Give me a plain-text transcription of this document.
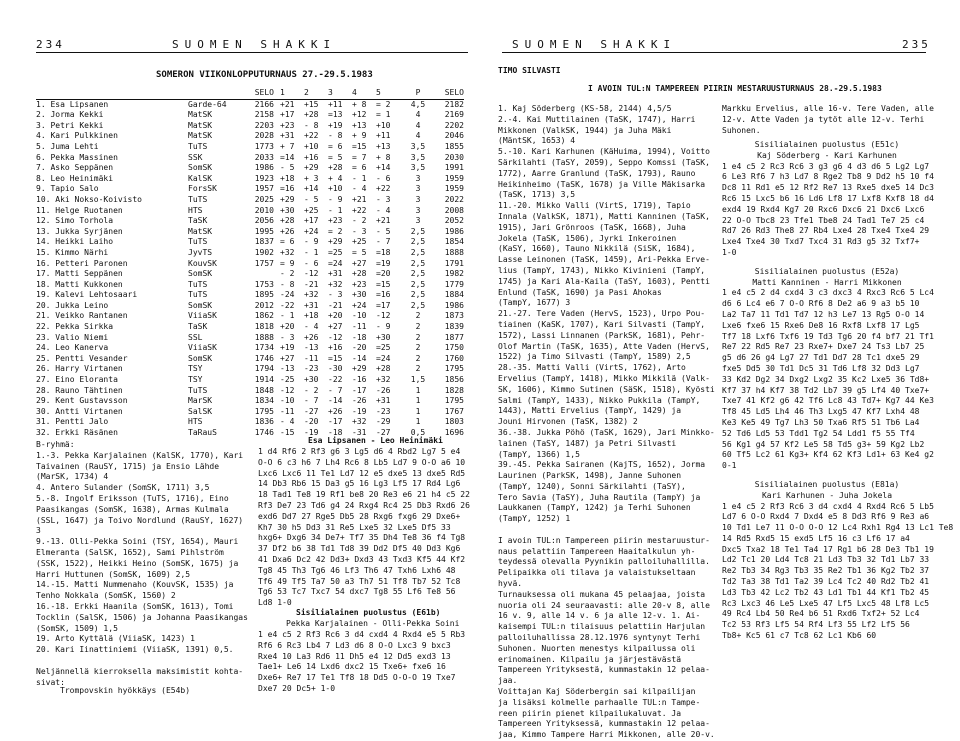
234	SUOMEN SHAKKI	SUOMEN SHAKKI	235
SOMERON VIIKONLOPPUTURNAUS 27.-29.5.1983
		SELO	1	2	3	4	5	P	SELO
1. Esa Lipsanen	Garde-64	2166	+21	+15	+11	+ 8	= 2	4,5	2182
2. Jorma Kekki	MatSK	2158	+17	+28	=13	+12	= 1	4	2169
3. Petri Kekki	MatSK	2203	+23	- 8	+19	+13	+10	4	2202
4. Kari Pulkkinen	MatSK	2028	+31	+22	- 8	+ 9	+11	4	2046
5. Juma Lehti	TuTS	1773	+ 7	+10	= 6	=15	+13	3,5	1855
6. Pekka Massinen	SSK	2033	=14	+16	= 5	= 7	+ 8	3,5	2030
7. Asko Seppänen	SomSK	1986	- 5	+29	+28	= 6	+14	3,5	1991
8. Leo Heinimäki	KalSK	1923	+18	+ 3	+ 4	- 1	- 6	3	1959
9. Tapio Salo	ForsSK	1957	=16	+14	+10	- 4	+22	3	1959
10. Aki Nokso-Koivisto	TuTS	2025	+29	- 5	- 9	+21	- 3	3	2022
11. Helge Ruotanen	HTS	2010	+30	+25	- 1	+22	- 4	3	2008
12. Simo Torhola	TaSK	2056	+28	+17	+23	- 2	+21	3	2052
13. Jukka Syrjänen	MatSK	1995	+26	+24	= 2	- 3	- 5	2,5	1986
14. Heikki Laiho	TuTS	1837	= 6	- 9	+29	+25	- 7	2,5	1854
15. Kimmo Närhi	JyvTS	1902	+32	- 1	=25	= 5	=18	2,5	1888
16. Petteri Paronen	KouvSK	1757	= 9	- 6	=24	+27	=19	2,5	1791
17. Matti Seppänen	SomSK		- 2	-12	+31	+28	=20	2,5	1982
18. Matti Kukkonen	TuTS	1753	- 8	-21	+32	+23	=15	2,5	1779
19. Kalevi Lehtosaari	TuTS	1895	-24	+32	- 3	+30	=16	2,5	1884
20. Jukka Leino	SomSK	2012	-22	+31	-21	+24	=17	2,5	1986
21. Veikko Rantanen	ViiaSK	1862	- 1	+18	+20	-10	-12	2	1873
22. Pekka Sirkka	TaSK	1818	+20	- 4	+27	-11	- 9	2	1839
23. Valio Niemi	SSL	1888	- 3	+26	-12	-18	+30	2	1877
24. Leo Kanerva	ViiaSK	1734	+19	-13	+16	-20	=25	2	1750
25. Pentti Vesander	SomSK	1746	+27	-11	=15	-14	=24	2	1760
26. Harry Virtanen	TSY	1794	-13	-23	-30	+29	+28	2	1795
27. Eino Eloranta	TSY	1914	-25	+30	-22	-16	+32	1,5	1856
28. Rauno Tähtinen	TuTS	1848	-12	- 2	- 7	-17	-26	1	1828
29. Kent Gustavsson	MarSK	1834	-10	- 7	-14	-26	+31	1	1795
30. Antti Virtanen	SalSK	1795	-11	-27	+26	-19	-23	1	1767
31. Pentti Jalo	HTS	1836	- 4	-20	-17	+32	-29	1	1803
32. Erkki Räsänen	TaRauS	1746	-15	-19	-18	-31	-27	0,5	1696
B-ryhmä:
1.-3. Pekka Karjalainen (KalSK, 1770), Kari
Taivainen (RauSY, 1715) ja Ensio Lähde
(MarSK, 1734) 4
4. Antero Sulander (SomSK, 1711) 3,5
5.-8. Ingolf Eriksson (TuTS, 1716), Eino
Paasikangas (SomSK, 1638), Armas Kulmala
(SSL, 1647) ja Toivo Nordlund (RauSY, 1627)
3
9.-13. Olli-Pekka Soini (TSY, 1654), Mauri
Elmeranta (SalSK, 1652), Sami Pihlström
(SSK, 1522), Heikki Heino (SomSK, 1675) ja
Harri Huttunen (SomSK, 1609) 2,5
14.-15. Matti Nummenaho (KouvSK, 1535) ja
Tenho Nokkala (SomSK, 1560) 2
16.-18. Erkki Haanila (SomSK, 1613), Tomi
Tocklin (SalSK, 1506) ja Johanna Paasikangas
(SomSK, 1509) 1,5
19. Arto Kyttälä (ViiaSK, 1423) 1
20. Kari Iinattiniemi (ViiaSK, 1391) 0,5.

Neljännellä kierroksella maksimistit kohta-
sivat:
Trompovskin hyökkäys (E54b)
Esa Lipsanen - Leo Heinimäki
1 d4 Rf6 2 Rf3 g6 3 Lg5 d6 4 Rbd2 Lg7 5 e4
O-O 6 c3 h6 7 Lh4 Rc6 8 Lb5 Ld7 9 O-O a6 10
Lxc6 Lxc6 11 Te1 Ld7 12 e5 dxe5 13 dxe5 Rd5
14 Db3 Rb6 15 Da3 g5 16 Lg3 Lf5 17 Rd4 Lg6
18 Tad1 Te8 19 Rf1 be8 20 Re3 e6 21 h4 c5 22
Rf3 De7 23 Td6 g4 24 Rxg4 Rc4 25 Db3 Rxd6 26
exd6 Dd7 27 Rge5 Db5 28 Rxg6 fxg6 29 Dxe6+
Kh7 30 h5 Dd3 31 Re5 Lxe5 32 Lxe5 Df5 33
hxg6+ Dxg6 34 De7+ Tf7 35 Dh4 Te8 36 f4 Tg8
37 Df2 b6 38 Td1 Td8 39 Dd2 Df5 40 Dd3 Kg6
41 Dxa6 Dc2 42 Dd3+ Dxd3 43 Txd3 Kf5 44 Kf2
Tg8 45 Th3 Tg6 46 Lf3 Th6 47 Txh6 Lxh6 48
Tf6 49 Tf5 Ta7 50 a3 Th7 51 Tf8 Tb7 52 Tc8
Tg6 53 Tc7 Txc7 54 dxc7 Tg8 55 Lf6 Te8 56
Ld8 1-0
Sisilialainen puolustus (E61b)
Pekka Karjalainen - Olli-Pekka Soini
1 e4 c5 2 Rf3 Rc6 3 d4 cxd4 4 Rxd4 e5 5 Rb3
Rf6 6 Rc3 Lb4 7 Ld3 d6 8 O-O Lxc3 9 bxc3
Rxe4 10 La3 Rd6 11 Dh5 e4 12 Dd5 exd3 13
Tae1+ Le6 14 Lxd6 dxc2 15 Txe6+ fxe6 16
Dxe6+ Re7 17 Te1 Tf8 18 Dd5 O-O-O 19 Txe7
Dxe7 20 Dc5+ 1-0
TIMO SILVASTI
I AVOIN TUL:N TAMPEREEN PIIRIN MESTARUUSTURNAUS 28.-29.5.1983
1. Kaj Söderberg (KS-58, 2144) 4,5/5
2.-4. Kai Muttilainen (TaSK, 1747), Harri
Mikkonen (ValkSK, 1944) ja Juha Mäki
(MäntSK, 1653) 4
5.-10. Kari Karhunen (KäHuima, 1994), Voitto
Särkilahti (TaSY, 2059), Seppo Komssi (TaSK,
1772), Aarre Granlund (TaSK, 1793), Rauno
Heikinheimo (TaSK, 1678) ja Ville Mäkisarka
(TaSK, 1713) 3,5
11.-20. Mikko Valli (VirtS, 1719), Tapio
Innala (ValkSK, 1871), Matti Kanninen (TaSK,
1915), Jari Grönroos (TaSK, 1668), Juha
Jokela (TaSK, 1506), Jyrki Inkeroinen
(KaSY, 1660), Tauno Nikkilä (SiSK, 1684),
Lasse Leinonen (TaSK, 1459), Ari-Pekka Erve-
lius (TampY, 1743), Nikko Kivinieni (TampY,
1745) ja Kari Ala-Kaila (TaSY, 1603), Pentti
Enlund (TaSK, 1690) ja Pasi Ahokas
(TampY, 1677) 3
21.-27. Tere Vaden (HervS, 1523), Urpo Pou-
tiainen (KaSK, 1707), Kari Silvasti (TampY,
1572), Lassi Linnanen (ParkSK, 1681), Pehr-
Olof Martin (TaSK, 1635), Atte Vaden (HervS,
1522) ja Timo Silvasti (TampY, 1589) 2,5
28.-35. Matti Valli (VirtS, 1762), Arto
Ervelius (TampY, 1418), Mikko Mikkilä (Valk-
SK, 1606), Kimmo Sutinen (SäSK, 1518), Kyösti
Salmi (TampY, 1433), Nikko Pukkila (TampY,
1443), Matti Ervelius (TampY, 1429) ja
Jouni Hirvonen (TaSK, 1382) 2
36.-38. Jukka Pöhö (TaSK, 1629), Jari Minkko-
lainen (TaSY, 1487) ja Petri Silvasti
(TampY, 1366) 1,5
39.-45. Pekka Sairanen (KajTS, 1652), Jorma
Laurinen (ParkSK, 1498), Janne Suhonen
(TampY, 1240), Sonni Särkilahti (TaSY),
Tero Savia (TaSY), Juha Rautila (TampY) ja
Laukkanen (TampY, 1242) ja Terhi Suhonen
(TampY, 1252) 1

I avoin TUL:n Tampereen piirin mestaruustur-
naus pelattiin Tampereen Haaitalkulun yh-
teydessä olevalla Pyynikin palloiluhallilla.
Pelipaikka oli tilava ja valaistukseltaan
hyvä.
Turnauksessa oli mukana 45 pelaajaa, joista
nuoria oli 24 seuraavasti: alle 20-v 8, alle
16 v. 9, alle 14 v. 6 ja alle 12-v. 1. Ai-
kaisempi TUL:n tilaisuus pelattiin Harjulan
palloiluhallissa 28.12.1976 syntynyt Terhi
Suhonen. Nuorten menestys kilpailussa oli
erinomainen. Kilpailu ja järjestävästä
Tampereen Yrityksestä, kummastakin 12 pelaa-
jaa.
Voittajan Kaj Söderbergin sai kilpailijan
ja lisäksi kolmelle parhaalle TUL:n Tampe-
reen piirin pienet kilpailukaluvat. Ja
Tampereen Yrityksessä, kummastakin 12 pelaa-
jaa, Kimmo Tampere Harri Mikkonen, alle 20-v.
Markku Ervelius, alle 16-v. Tere Vaden, alle
12-v. Atte Vaden ja tytöt alle 12-v. Terhi
Suhonen.
Sisilialainen puolustus (E51c)
Kaj Söderberg - Kari Karhunen
1 e4 c5 2 Rc3 Rc6 3 g3 g6 4 d3 d6 5 Lg2 Lg7
6 Le3 Rf6 7 h3 Ld7 8 Rge2 Tb8 9 Dd2 h5 10 f4
Dc8 11 Rd1 e5 12 Rf2 Re7 13 Rxe5 dxe5 14 Dc3
Rc6 15 Lxc5 b6 16 Ld6 Lf8 17 Lxf8 Kxf8 18 d4
exd4 19 Rxd4 Kg7 20 Rxc6 Dxc6 21 Dxc6 Lxc6
22 O-O Tbc8 23 Tfe1 Tbe8 24 Tad1 Te7 25 c4
Rd7 26 Rd3 The8 27 Rb4 Lxe4 28 Txe4 Txe4 29
Lxe4 Txe4 30 Txd7 Txc4 31 Rd3 g5 32 Txf7+
1-0
Sisilialainen puolustus (E52a)
Matti Kanninen - Harri Mikkonen
1 e4 c5 2 d4 cxd4 3 c3 dxc3 4 Rxc3 Rc6 5 Lc4
d6 6 Lc4 e6 7 O-O Rf6 8 De2 a6 9 a3 b5 10
La2 Ta7 11 Td1 Td7 12 h3 Le7 13 Rg5 O-O 14
Lxe6 fxe6 15 Rxe6 De8 16 Rxf8 Lxf8 17 Lg5
Tf7 18 Lxf6 Txf6 19 Td3 Tg6 20 f4 bf7 21 Tf1
Re7 22 Rd5 Re7 23 Rxe7+ Dxe7 24 Ts3 Lb7 25
g5 d6 26 g4 Lg7 27 Td1 Dd7 28 Tc1 dxe5 29
fxe5 Dd5 30 Td1 Dc5 31 Td6 Lf8 32 Dd3 Lg7
33 Kd2 Dg2 34 Dxg2 Lxg2 35 Kc2 Lxe5 36 Td8+
Kf7 37 h4 Kf7 38 Td2 Lb7 39 g5 Lf4 40 Txe7+
Txe7 41 Kf2 g6 42 Tf6 Lc8 43 Td7+ Kg7 44 Ke3
Tf8 45 Ld5 Lh4 46 Th3 Lxg5 47 Kf7 Lxh4 48
Ke3 Ke5 49 Tg7 Lh3 50 Txa6 Rf5 51 Tb6 La4
52 Td6 Ld5 53 Tdd1 Tg2 54 Ldd1 f5 55 Tf4
56 Kg1 g4 57 Kf2 Le5 58 Td5 g3+ 59 Kg2 Lb2
60 Tf5 Lc2 61 Kg3+ Kf4 62 Kf3 Ld1+ 63 Ke4 g2
0-1
Sisilialainen puolustus (E81a)
Kari Karhunen - Juha Jokela
1 e4 c5 2 Rf3 Rc6 3 d4 cxd4 4 Rxd4 Rc6 5 Lb5
Ld7 6 O-O Rxd4 7 Dxd4 e5 8 Dd3 Rf6 9 Re3 a6
10 Td1 Le7 11 O-O O-O 12 Lc4 Rxh1 Rg4 13 Lc1 Te8
14 Rd5 Rxd5 15 exd5 Lf5 16 c3 Lf6 17 a4
Dxc5 Txa2 18 Te1 Ta4 17 Rg1 b6 28 De3 Tb1 19
Ld2 Tc1 20 Ld4 Tc8 21 Ld3 Tb3 32 Td1 Lb7 33
Re2 Tb3 34 Rg3 Tb3 35 Re2 Tb1 36 Kg2 Tb2 37
Td2 Ta3 38 Td1 Ta2 39 Lc4 Tc2 40 Rd2 Tb2 41
Ld3 Tb3 42 Lc2 Tb2 43 Ld1 Tb1 44 Kf1 Tb2 45
Rc3 Lxc3 46 Le5 Lxe5 47 Lf5 Lxc5 48 Lf8 Lc5
49 Rc4 Lb4 50 Re4 b6 51 Rxd6 Txf2+ 52 Lc4
Tc2 53 Rf3 Lf5 54 Rf4 Lf3 55 Lf2 Lf5 56
Tb8+ Kc5 61 c7 Tc8 62 Lc1 Kb6 60
